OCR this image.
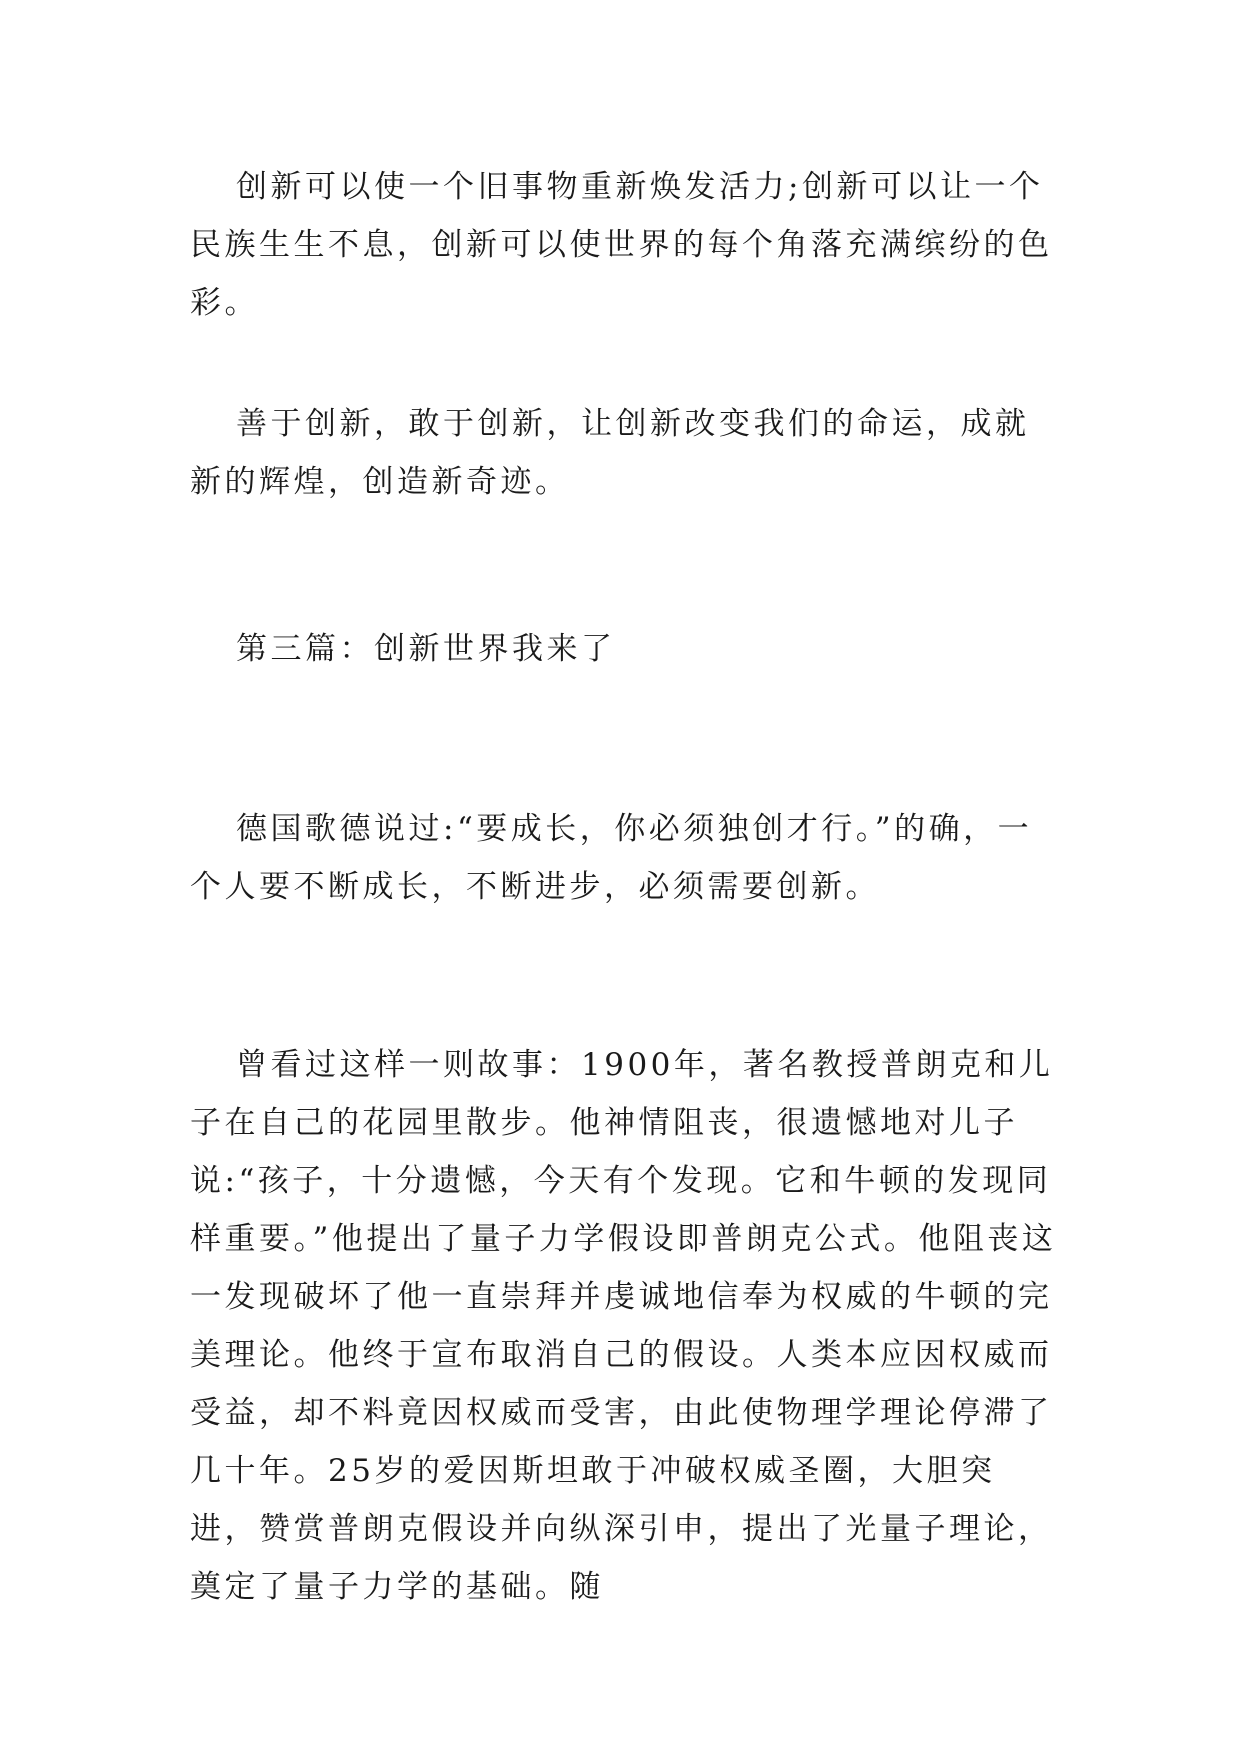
创新可以使一个旧事物重新焕发活力;创新可以让一个民族生生不息，创新可以使世界的每个角落充满缤纷的色彩。

善于创新，敢于创新，让创新改变我们的命运，成就新的辉煌，创造新奇迹。

第三篇：创新世界我来了

德国歌德说过:“要成长，你必须独创才行。”的确，一个人要不断成长，不断进步，必须需要创新。

曾看过这样一则故事：1900年，著名教授普朗克和儿子在自己的花园里散步。他神情阻丧，很遗憾地对儿子说:“孩子，十分遗憾，今天有个发现。它和牛顿的发现同样重要。”他提出了量子力学假设即普朗克公式。他阻丧这一发现破坏了他一直崇拜并虔诚地信奉为权威的牛顿的完美理论。他终于宣布取消自己的假设。人类本应因权威而受益，却不料竟因权威而受害，由此使物理学理论停滞了几十年。25岁的爱因斯坦敢于冲破权威圣圈，大胆突进，赞赏普朗克假设并向纵深引申，提出了光量子理论，奠定了量子力学的基础。随
